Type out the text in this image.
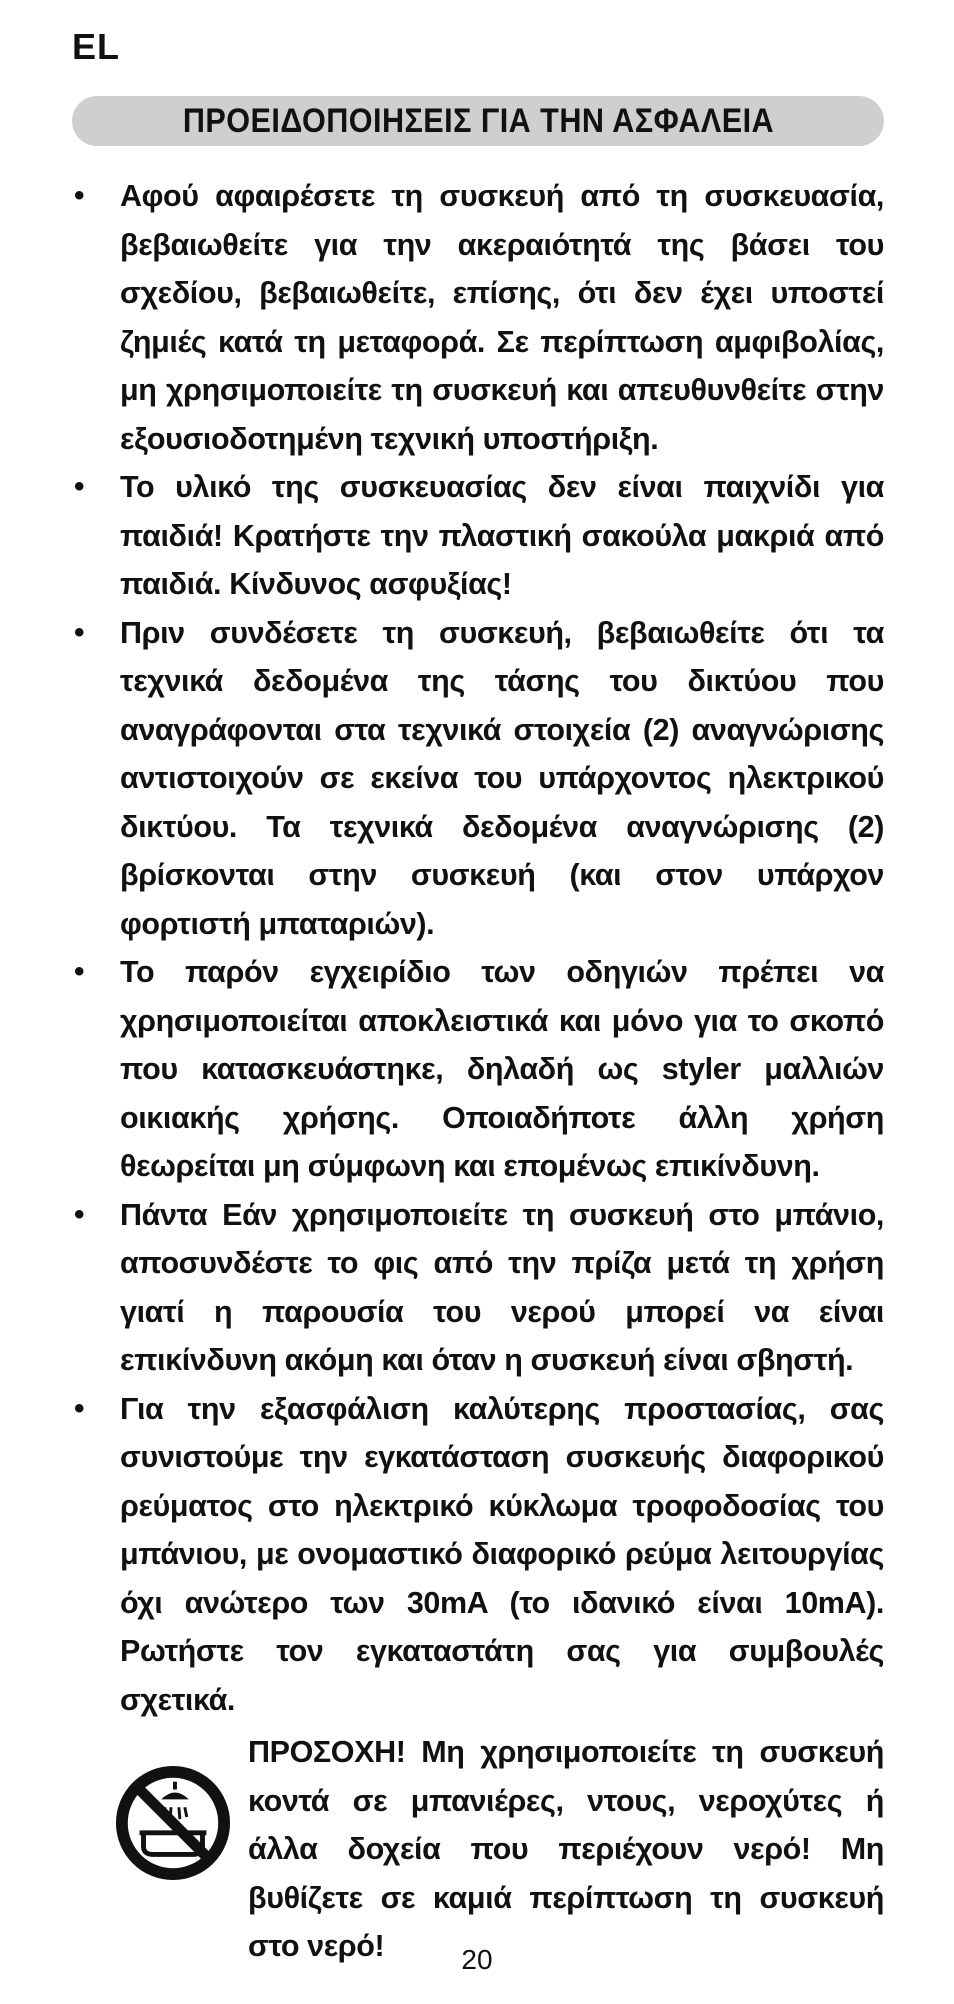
EL
ΠΡΟΕΙΔΟΠΟΙΗΣΕΙΣ ΓΙΑ ΤΗΝ ΑΣΦΑΛΕΙΑ
• Αφού αφαιρέσετε τη συσκευή από τη συσκευασία, βεβαιωθείτε για την ακεραιότητά της βάσει του σχεδίου, βεβαιωθείτε, επίσης, ότι δεν έχει υποστεί ζημιές κατά τη μεταφορά. Σε περίπτωση αμφιβολίας, μη χρησιμοποιείτε τη συσκευή και απευθυνθείτε στην εξουσιοδοτημένη τεχνική υποστήριξη.
• Το υλικό της συσκευασίας δεν είναι παιχνίδι για παιδιά! Κρατήστε την πλαστική σακούλα μακριά από παιδιά. Κίνδυνος ασφυξίας!
• Πριν συνδέσετε τη συσκευή, βεβαιωθείτε ότι τα τεχνικά δεδομένα της τάσης του δικτύου που αναγράφονται στα τεχνικά στοιχεία (2) αναγνώρισης αντιστοιχούν σε εκείνα του υπάρχοντος ηλεκτρικού δικτύου. Τα τεχνικά δεδομένα αναγνώρισης (2) βρίσκονται στην συσκευή (και στον υπάρχον φορτιστή μπαταριών).
• Το παρόν εγχειρίδιο των οδηγιών πρέπει να χρησιμοποιείται αποκλειστικά και μόνο για το σκοπό που κατασκευάστηκε, δηλαδή ως styler μαλλιών οικιακής χρήσης. Οποιαδήποτε άλλη χρήση θεωρείται μη σύμφωνη και επομένως επικίνδυνη.
• Πάντα Εάν χρησιμοποιείτε τη συσκευή στο μπάνιο, αποσυνδέστε το φις από την πρίζα μετά τη χρήση γιατί η παρουσία του νερού μπορεί να είναι επικίνδυνη ακόμη και όταν η συσκευή είναι σβηστή.
• Για την εξασφάλιση καλύτερης προστασίας, σας συνιστούμε την εγκατάσταση συσκευής διαφορικού ρεύματος στο ηλεκτρικό κύκλωμα τροφοδοσίας του μπάνιου, με ονομαστικό διαφορικό ρεύμα λειτουργίας όχι ανώτερο των 30mA (το ιδανικό είναι 10mA). Ρωτήστε τον εγκαταστάτη σας για συμβουλές σχετικά.
ΠΡΟΣΟΧΗ! Μη χρησιμοποιείτε τη συσκευή κοντά σε μπανιέρες, ντους, νεροχύτες ή άλλα δοχεία που περιέχουν νερό! Μη βυθίζετε σε καμιά περίπτωση τη συσκευή στο νερό!	20
